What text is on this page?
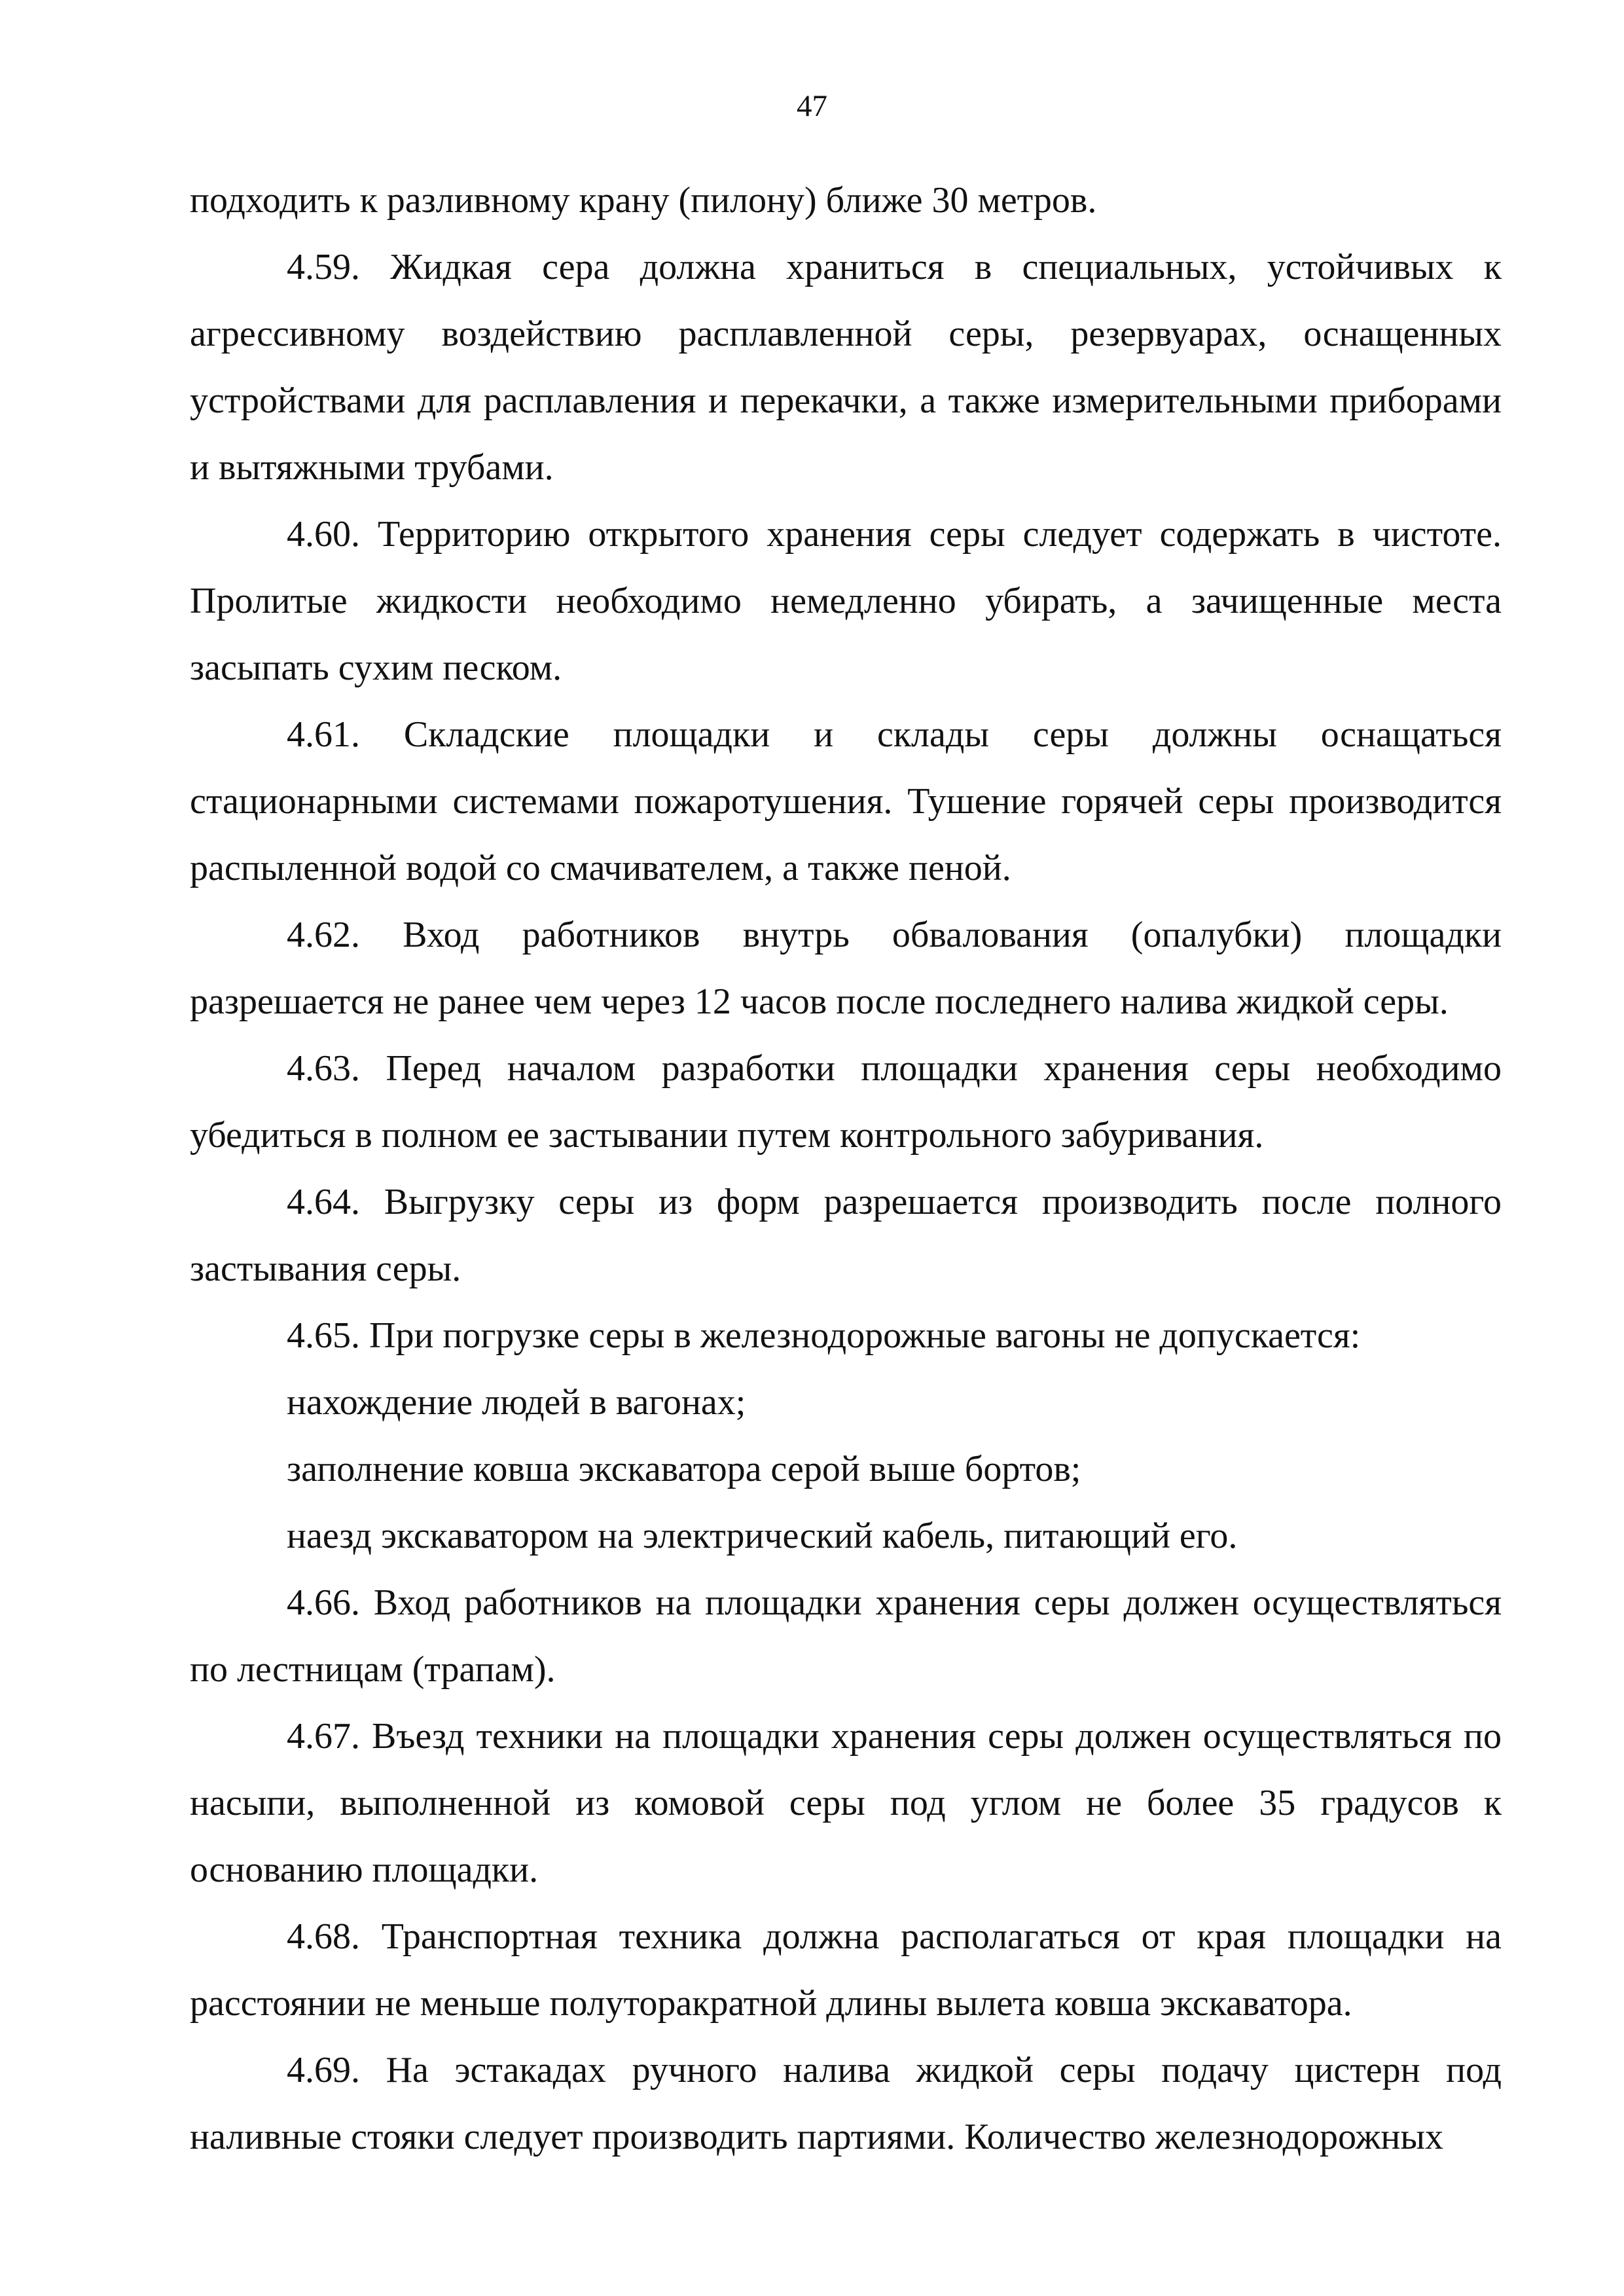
47

подходить к разливному крану (пилону) ближе 30 метров.

4.59. Жидкая сера должна храниться в специальных, устойчивых к агрессивному воздействию расплавленной серы, резервуарах, оснащенных устройствами для расплавления и перекачки, а также измерительными приборами и вытяжными трубами.

4.60. Территорию открытого хранения серы следует содержать в чистоте. Пролитые жидкости необходимо немедленно убирать, а зачищенные места засыпать сухим песком.

4.61. Складские площадки и склады серы должны оснащаться стационарными системами пожаротушения. Тушение горячей серы производится распыленной водой со смачивателем, а также пеной.

4.62. Вход работников внутрь обвалования (опалубки) площадки разрешается не ранее чем через 12 часов после последнего налива жидкой серы.

4.63. Перед началом разработки площадки хранения серы необходимо убедиться в полном ее застывании путем контрольного забуривания.

4.64. Выгрузку серы из форм разрешается производить после полного застывания серы.

4.65. При погрузке серы в железнодорожные вагоны не допускается:

нахождение людей в вагонах;

заполнение ковша экскаватора серой выше бортов;

наезд экскаватором на электрический кабель, питающий его.

4.66. Вход работников на площадки хранения серы должен осуществляться по лестницам (трапам).

4.67. Въезд техники на площадки хранения серы должен осуществляться по насыпи, выполненной из комовой серы под углом не более 35 градусов к основанию площадки.

4.68. Транспортная техника должна располагаться от края площадки на расстоянии не меньше полуторакратной длины вылета ковша экскаватора.

4.69. На эстакадах ручного налива жидкой серы подачу цистерн под наливные стояки следует производить партиями. Количество железнодорожных
